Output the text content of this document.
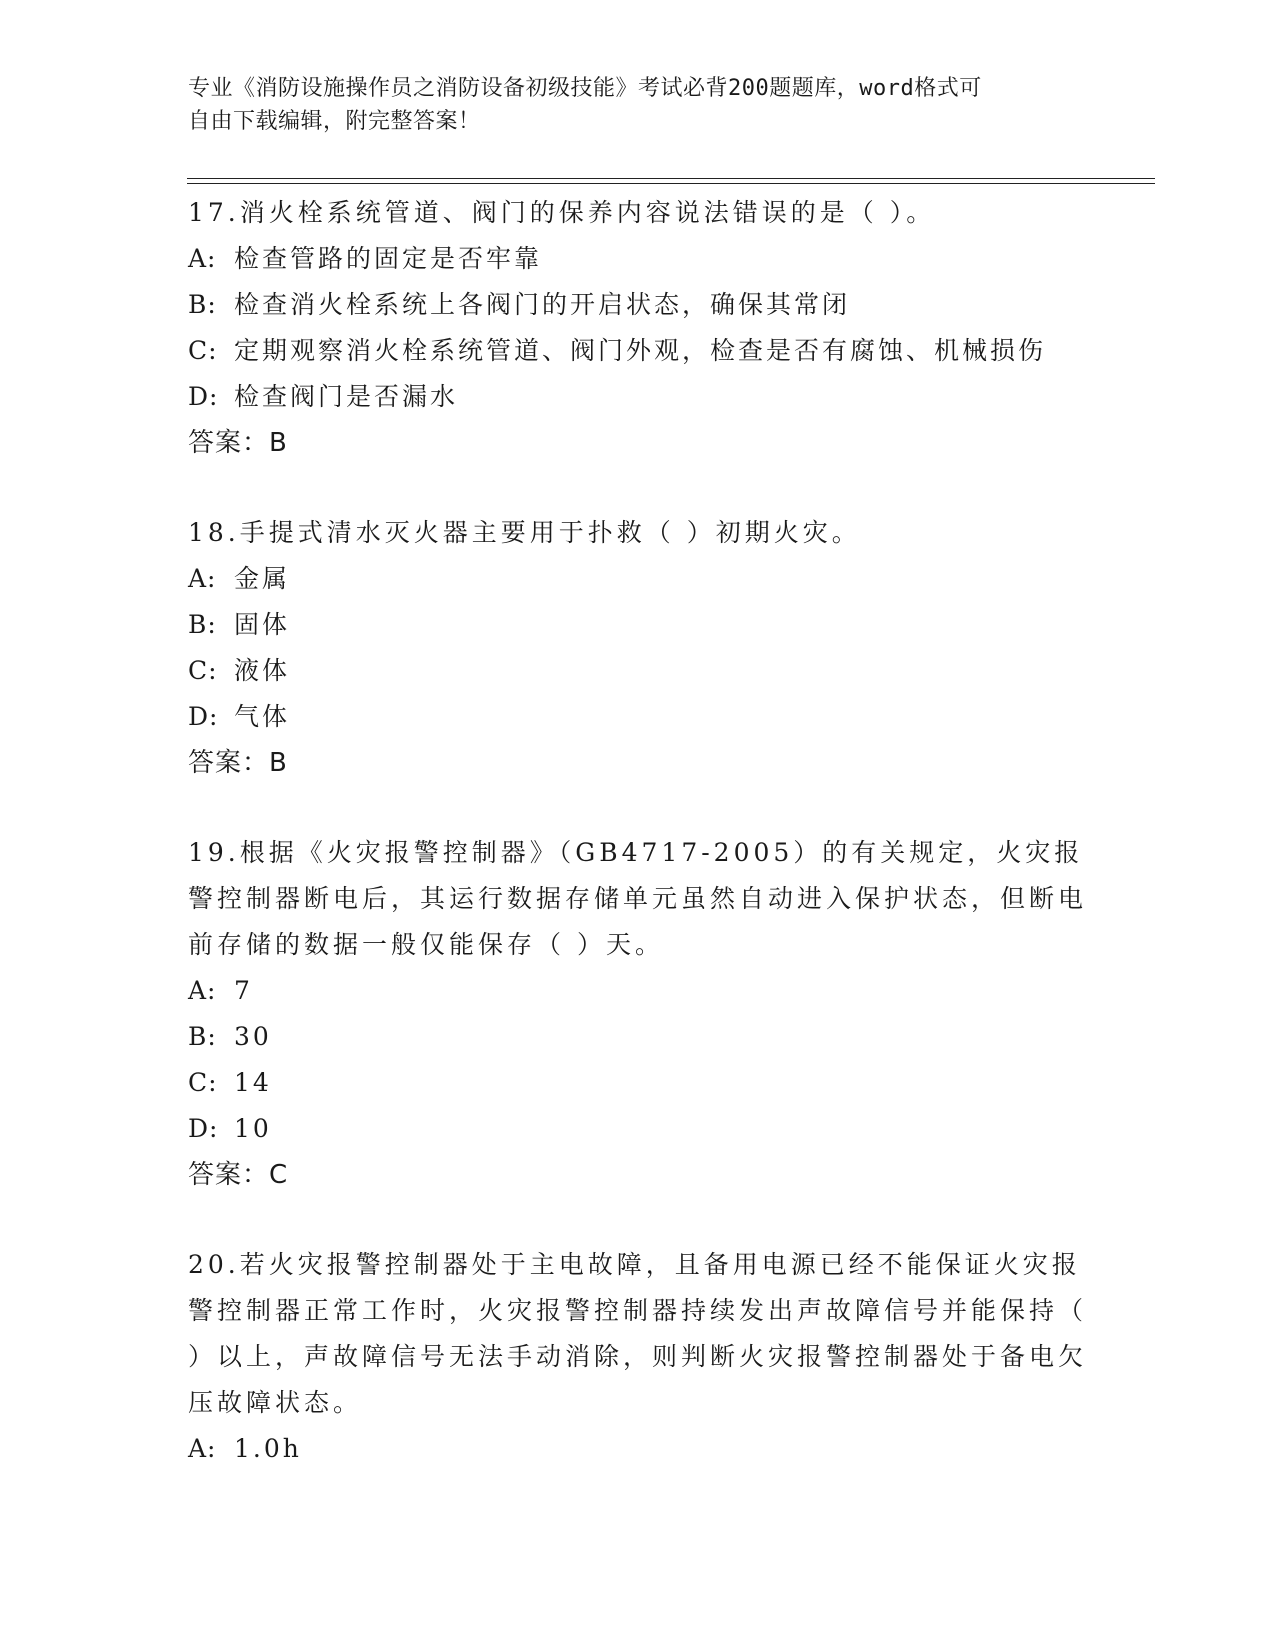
专业《消防设施操作员之消防设备初级技能》考试必背200题题库，word格式可
自由下载编辑，附完整答案！

17.消火栓系统管道、阀门的保养内容说法错误的是（ ）。

A: 检查管路的固定是否牢靠

B: 检查消火栓系统上各阀门的开启状态，确保其常闭

C: 定期观察消火栓系统管道、阀门外观，检查是否有腐蚀、机械损伤

D: 检查阀门是否漏水

答案：B

18.手提式清水灭火器主要用于扑救（ ）初期火灾。

A: 金属

B: 固体

C: 液体

D: 气体

答案：B

19.根据《火灾报警控制器》（GB4717-2005）的有关规定，火灾报警控制器断电后，其运行数据存储单元虽然自动进入保护状态，但断电前存储的数据一般仅能保存（ ）天。

A: 7

B: 30

C: 14

D: 10

答案：C

20.若火灾报警控制器处于主电故障，且备用电源已经不能保证火灾报警控制器正常工作时，火灾报警控制器持续发出声故障信号并能保持（ ）以上，声故障信号无法手动消除，则判断火灾报警控制器处于备电欠压故障状态。

A: 1.0h
